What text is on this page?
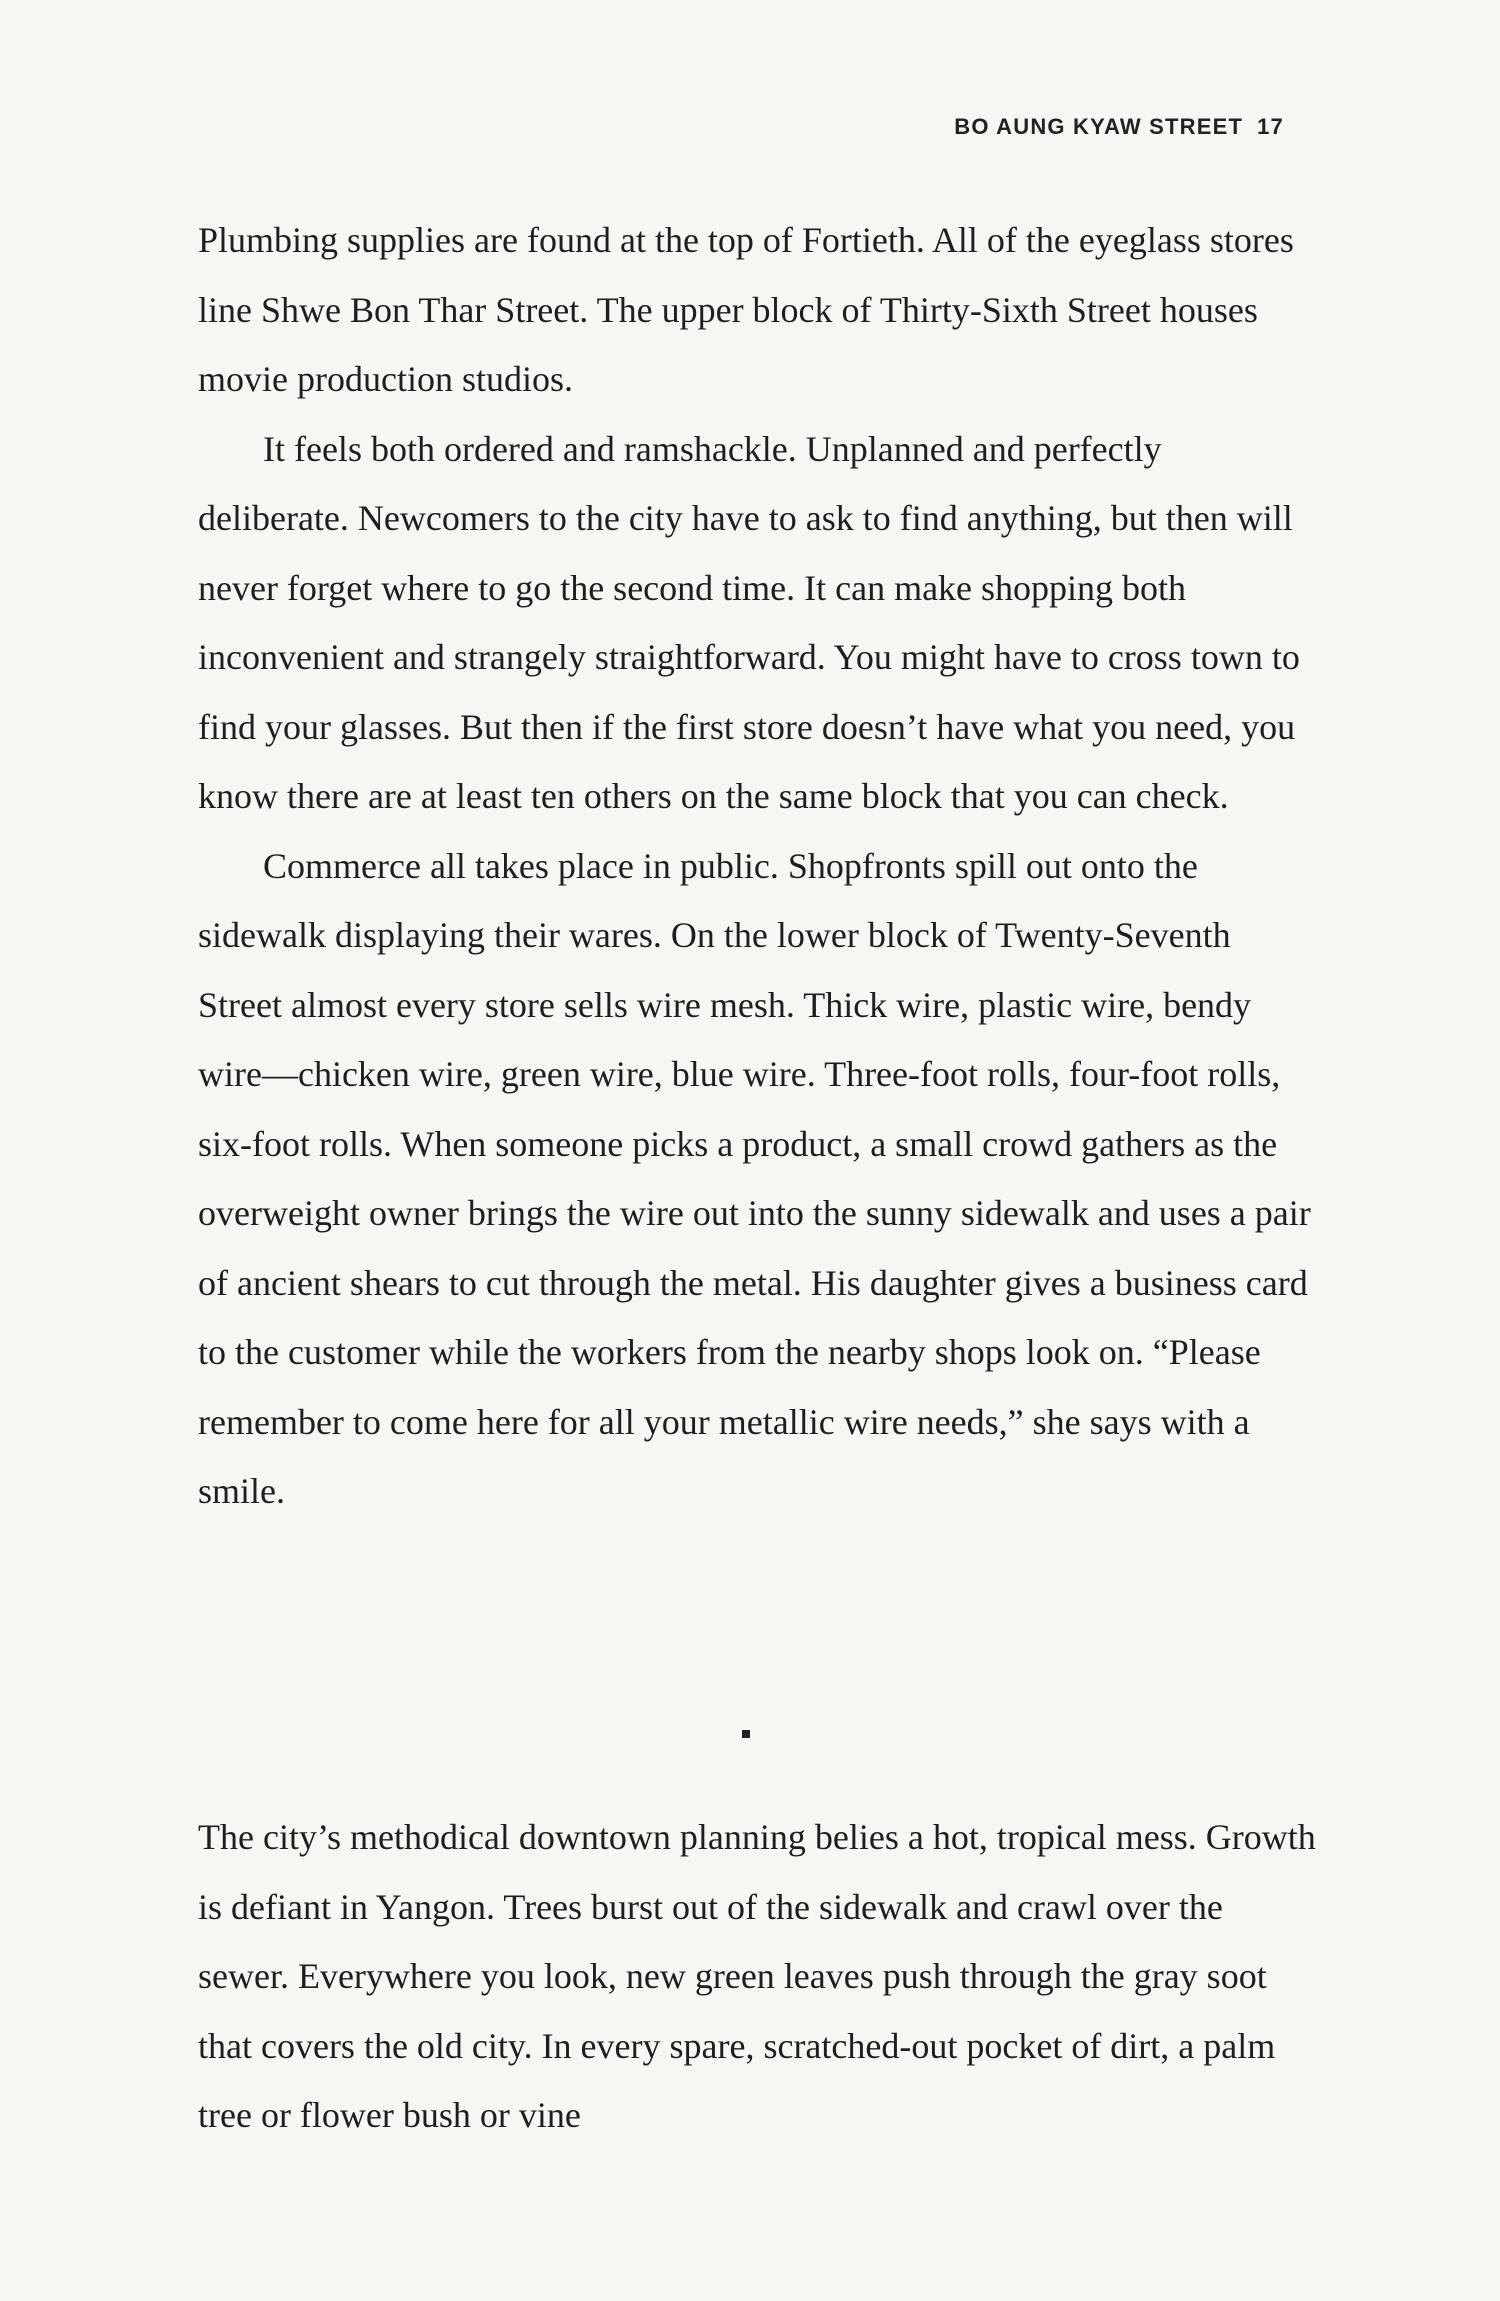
BO AUNG KYAW STREET 17

Plumbing supplies are found at the top of Fortieth. All of the eyeglass stores line Shwe Bon Thar Street. The upper block of Thirty-Sixth Street houses movie production studios.

It feels both ordered and ramshackle. Unplanned and perfectly deliberate. Newcomers to the city have to ask to find anything, but then will never forget where to go the second time. It can make shopping both inconvenient and strangely straightforward. You might have to cross town to find your glasses. But then if the first store doesn’t have what you need, you know there are at least ten others on the same block that you can check.

Commerce all takes place in public. Shopfronts spill out onto the sidewalk displaying their wares. On the lower block of Twenty-Seventh Street almost every store sells wire mesh. Thick wire, plastic wire, bendy wire—chicken wire, green wire, blue wire. Three-foot rolls, four-foot rolls, six-foot rolls. When someone picks a product, a small crowd gathers as the overweight owner brings the wire out into the sunny sidewalk and uses a pair of ancient shears to cut through the metal. His daughter gives a business card to the customer while the workers from the nearby shops look on. “Please remember to come here for all your metallic wire needs,” she says with a smile.

The city’s methodical downtown planning belies a hot, tropical mess. Growth is defiant in Yangon. Trees burst out of the sidewalk and crawl over the sewer. Everywhere you look, new green leaves push through the gray soot that covers the old city. In every spare, scratched-out pocket of dirt, a palm tree or flower bush or vine
